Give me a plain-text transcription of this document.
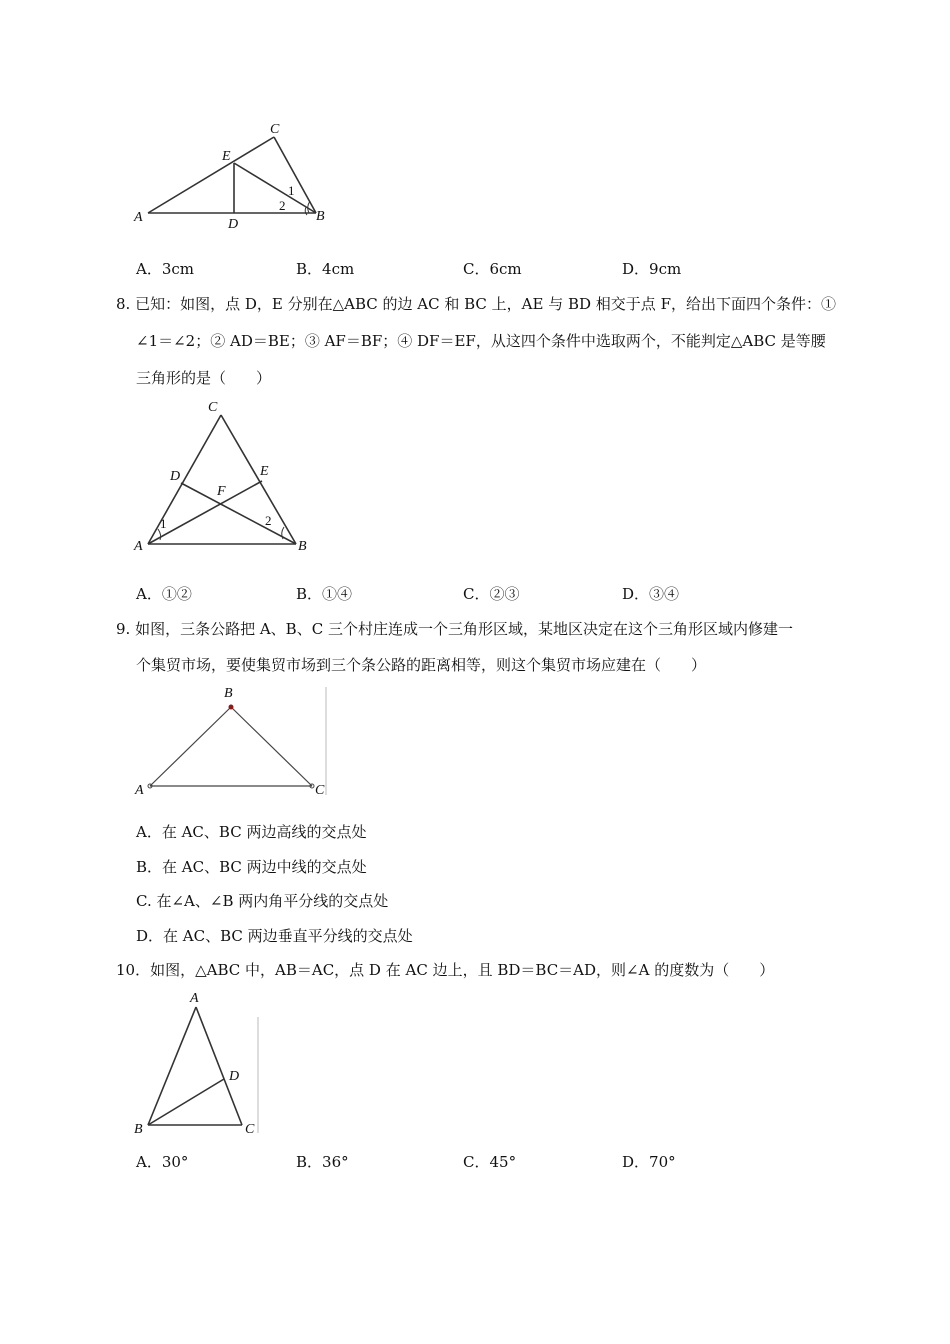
C
E
A	D
B
1
2
A．3cm	B．4cm	C．6cm	D．9cm
8. 已知：如图，点 D，E 分别在△ABC 的边 AC 和 BC 上，AE 与 BD 相交于点 F，给出下面四个条件：①
∠1＝∠2；② AD＝BE；③ AF＝BF；④ DF＝EF，从这四个条件中选取两个，不能判定△ABC 是等腰
三角形的是（　　）
C
D	E
F
A	B
1	2
A．①②	B．①④	C．②③	D．③④
9. 如图，三条公路把 A、B、C 三个村庄连成一个三角形区域，某地区决定在这个三角形区域内修建一
个集贸市场，要使集贸市场到三个条公路的距离相等，则这个集贸市场应建在（　　）
B
A	C
A．在 AC、BC 两边高线的交点处
B．在 AC、BC 两边中线的交点处
C. 在∠A、∠B 两内角平分线的交点处
D．在 AC、BC 两边垂直平分线的交点处
10．如图，△ABC 中，AB＝AC，点 D 在 AC 边上，且 BD＝BC＝AD，则∠A 的度数为（　　）
A
D
B	C
A．30°	B．36°	C．45°	D．70°
